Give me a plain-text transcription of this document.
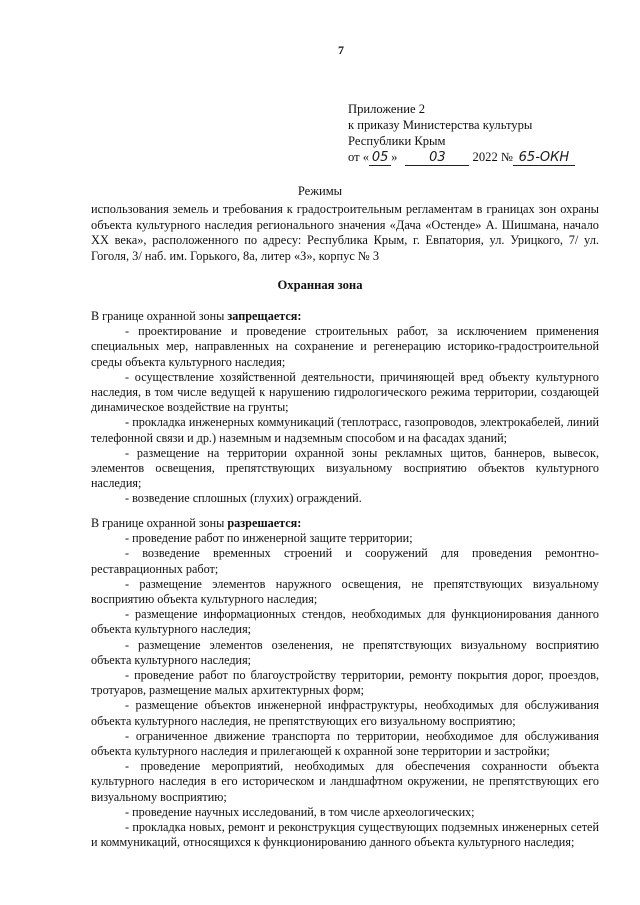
7
Приложение 2
к приказу Министерства культуры
Республики Крым
от « 05 » 03 2022 № 65-ОКН
Режимы
использования земель и требования к градостроительным регламентам в границах зон охраны объекта культурного наследия регионального значения «Дача «Остенде» А. Шишмана, начало XX века», расположенного по адресу: Республика Крым, г. Евпатория, ул. Урицкого, 7/ ул. Гоголя, 3/ наб. им. Горького, 8а, литер «З», корпус № 3
Охранная зона
В границе охранной зоны запрещается:

- проектирование и проведение строительных работ, за исключением применения специальных мер, направленных на сохранение и регенерацию историко-градостроительной среды объекта культурного наследия;

- осуществление хозяйственной деятельности, причиняющей вред объекту культурного наследия, в том числе ведущей к нарушению гидрологического режима территории, создающей динамическое воздействие на грунты;

- прокладка инженерных коммуникаций (теплотрасс, газопроводов, электрокабелей, линий телефонной связи и др.) наземным и надземным способом и на фасадах зданий;

- размещение на территории охранной зоны рекламных щитов, баннеров, вывесок, элементов освещения, препятствующих визуальному восприятию объектов культурного наследия;

- возведение сплошных (глухих) ограждений.

В границе охранной зоны разрешается:

- проведение работ по инженерной защите территории;

- возведение временных строений и сооружений для проведения ремонтно-реставрационных работ;

- размещение элементов наружного освещения, не препятствующих визуальному восприятию объекта культурного наследия;

- размещение информационных стендов, необходимых для функционирования данного объекта культурного наследия;

- размещение элементов озеленения, не препятствующих визуальному восприятию объекта культурного наследия;

- проведение работ по благоустройству территории, ремонту покрытия дорог, проездов, тротуаров, размещение малых архитектурных форм;

- размещение объектов инженерной инфраструктуры, необходимых для обслуживания объекта культурного наследия, не препятствующих его визуальному восприятию;

- ограниченное движение транспорта по территории, необходимое для обслуживания объекта культурного наследия и прилегающей к охранной зоне территории и застройки;

- проведение мероприятий, необходимых для обеспечения сохранности объекта культурного наследия в его историческом и ландшафтном окружении, не препятствующих его визуальному восприятию;

- проведение научных исследований, в том числе археологических;

- прокладка новых, ремонт и реконструкция существующих подземных инженерных сетей и коммуникаций, относящихся к функционированию данного объекта культурного наследия;
